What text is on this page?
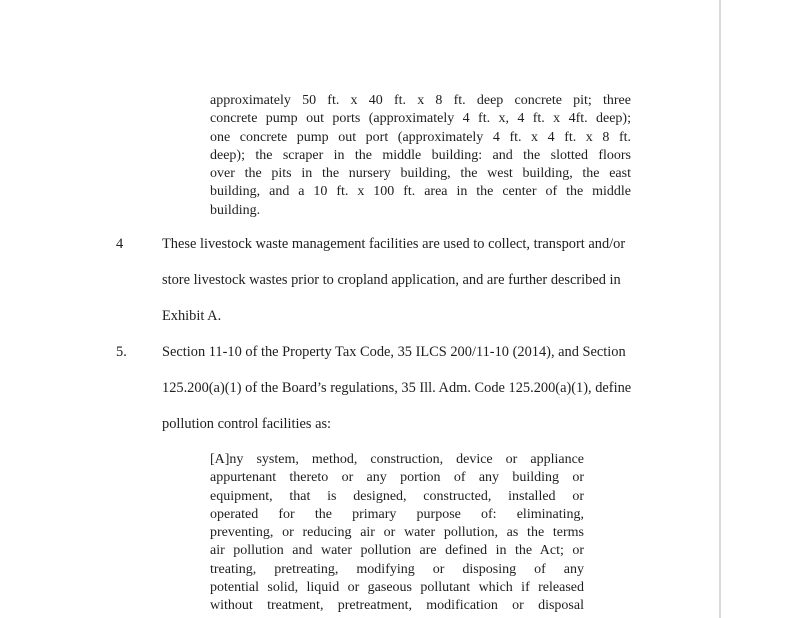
approximately 50 ft. x 40 ft. x 8 ft. deep concrete pit; three
concrete pump out ports (approximately 4 ft. x, 4 ft. x 4ft. deep);
one concrete pump out port (approximately 4 ft. x 4 ft. x 8 ft.
deep); the scraper in the middle building: and the slotted floors
over the pits in the nursery building, the west building, the east
building, and a 10 ft. x 100 ft. area in the center of the middle
building.
4	These livestock waste management facilities are used to collect, transport and/or
store livestock wastes prior to cropland application, and are further described in
Exhibit A.
5. Section 11-10 of the Property Tax Code, 35 ILCS 200/11-10 (2014), and Section
125.200(a)(1) of the Board’s regulations, 35 Ill. Adm. Code 125.200(a)(1), define
pollution control facilities as:
[A]ny system, method, construction, device or appliance
appurtenant thereto or any portion of any building or
equipment, that is designed, constructed, installed or
operated for the primary purpose of: eliminating,
preventing, or reducing air or water pollution, as the terms
air pollution and water pollution are defined in the Act; or
treating, pretreating, modifying or disposing of any
potential solid, liquid or gaseous pollutant which if released
without treatment, pretreatment, modification or disposal
